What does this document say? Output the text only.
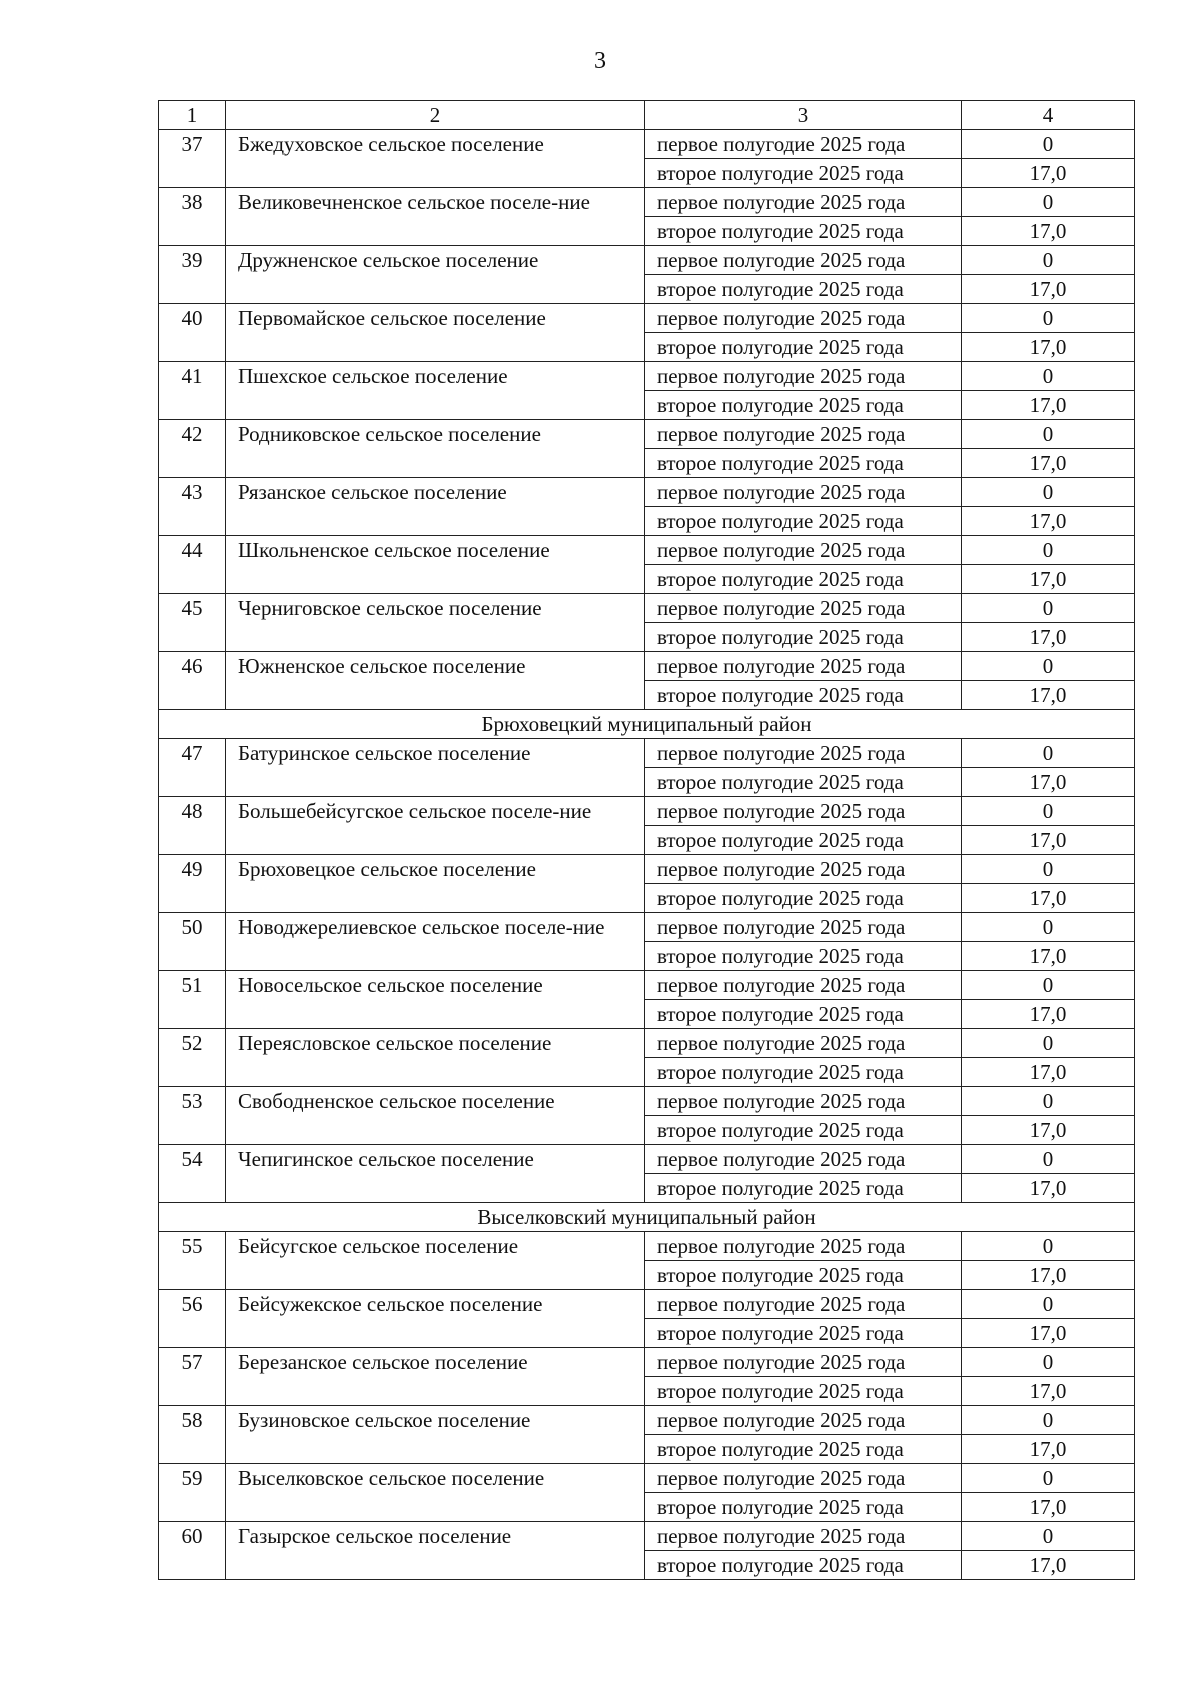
3
1	2	3	4
37	Бжедуховское сельское поселение	первое полугодие 2025 года	0
		второе полугодие 2025 года	17,0
38	Великовечненское сельское поселе-ние	первое полугодие 2025 года	0
		второе полугодие 2025 года	17,0
39	Дружненское сельское поселение	первое полугодие 2025 года	0
		второе полугодие 2025 года	17,0
40	Первомайское сельское поселение	первое полугодие 2025 года	0
		второе полугодие 2025 года	17,0
41	Пшехское сельское поселение	первое полугодие 2025 года	0
		второе полугодие 2025 года	17,0
42	Родниковское сельское поселение	первое полугодие 2025 года	0
		второе полугодие 2025 года	17,0
43	Рязанское сельское поселение	первое полугодие 2025 года	0
		второе полугодие 2025 года	17,0
44	Школьненское сельское поселение	первое полугодие 2025 года	0
		второе полугодие 2025 года	17,0
45	Черниговское сельское поселение	первое полугодие 2025 года	0
		второе полугодие 2025 года	17,0
46	Южненское сельское поселение	первое полугодие 2025 года	0
		второе полугодие 2025 года	17,0
Брюховецкий муниципальный район			
47	Батуринское сельское поселение	первое полугодие 2025 года	0
		второе полугодие 2025 года	17,0
48	Большебейсугское сельское поселе-ние	первое полугодие 2025 года	0
		второе полугодие 2025 года	17,0
49	Брюховецкое сельское поселение	первое полугодие 2025 года	0
		второе полугодие 2025 года	17,0
50	Новоджерелиевское сельское поселе-ние	первое полугодие 2025 года	0
		второе полугодие 2025 года	17,0
51	Новосельское сельское поселение	первое полугодие 2025 года	0
		второе полугодие 2025 года	17,0
52	Переясловское сельское поселение	первое полугодие 2025 года	0
		второе полугодие 2025 года	17,0
53	Свободненское сельское поселение	первое полугодие 2025 года	0
		второе полугодие 2025 года	17,0
54	Чепигинское сельское поселение	первое полугодие 2025 года	0
		второе полугодие 2025 года	17,0
Выселковский муниципальный район			
55	Бейсугское сельское поселение	первое полугодие 2025 года	0
		второе полугодие 2025 года	17,0
56	Бейсужекское сельское поселение	первое полугодие 2025 года	0
		второе полугодие 2025 года	17,0
57	Березанское сельское поселение	первое полугодие 2025 года	0
		второе полугодие 2025 года	17,0
58	Бузиновское сельское поселение	первое полугодие 2025 года	0
		второе полугодие 2025 года	17,0
59	Выселковское сельское поселение	первое полугодие 2025 года	0
		второе полугодие 2025 года	17,0
60	Газырское сельское поселение	первое полугодие 2025 года	0
		второе полугодие 2025 года	17,0
